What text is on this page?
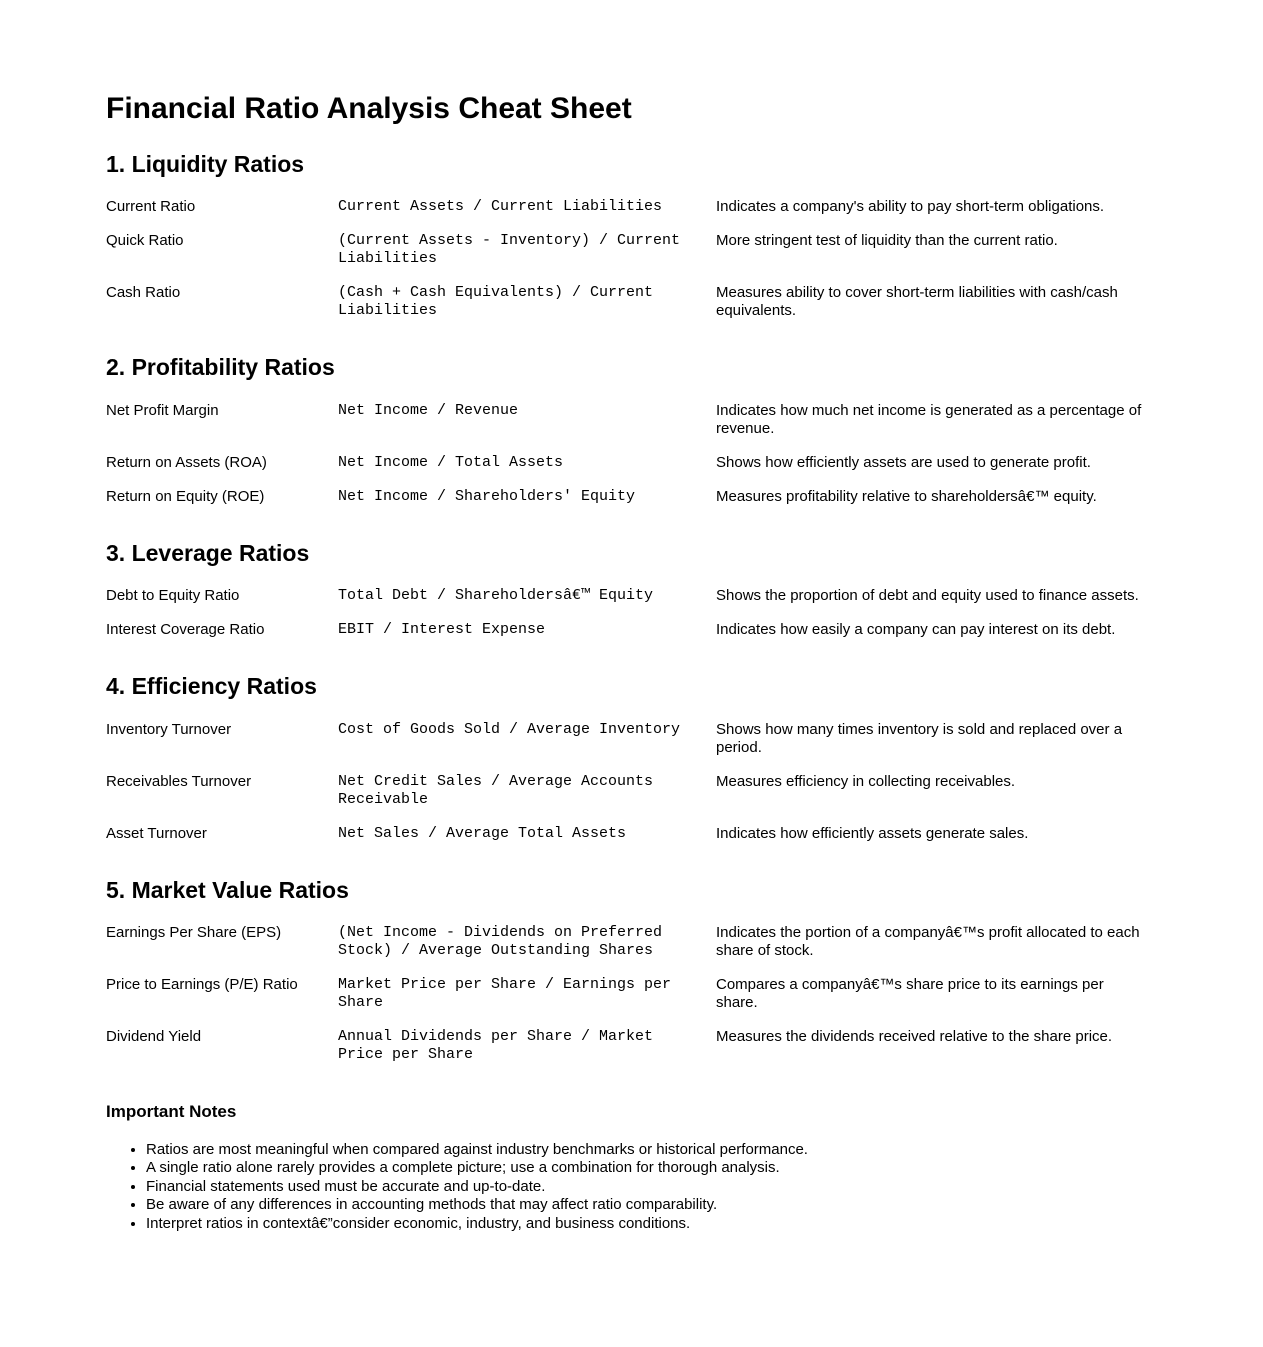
Financial Ratio Analysis Cheat Sheet
1. Liquidity Ratios
Current Ratio	Current Assets / Current Liabilities	Indicates a company's ability to pay short-term obligations.
Quick Ratio	(Current Assets - Inventory) / Current Liabilities	More stringent test of liquidity than the current ratio.
Cash Ratio	(Cash + Cash Equivalents) / Current Liabilities	Measures ability to cover short-term liabilities with cash/cash equivalents.
2. Profitability Ratios
Net Profit Margin	Net Income / Revenue	Indicates how much net income is generated as a percentage of revenue.
Return on Assets (ROA)	Net Income / Total Assets	Shows how efficiently assets are used to generate profit.
Return on Equity (ROE)	Net Income / Shareholders' Equity	Measures profitability relative to shareholdersâ€™ equity.
3. Leverage Ratios
Debt to Equity Ratio	Total Debt / Shareholdersâ€™ Equity	Shows the proportion of debt and equity used to finance assets.
Interest Coverage Ratio	EBIT / Interest Expense	Indicates how easily a company can pay interest on its debt.
4. Efficiency Ratios
Inventory Turnover	Cost of Goods Sold / Average Inventory	Shows how many times inventory is sold and replaced over a period.
Receivables Turnover	Net Credit Sales / Average Accounts Receivable	Measures efficiency in collecting receivables.
Asset Turnover	Net Sales / Average Total Assets	Indicates how efficiently assets generate sales.
5. Market Value Ratios
Earnings Per Share (EPS)	(Net Income - Dividends on Preferred Stock) / Average Outstanding Shares	Indicates the portion of a companyâ€™s profit allocated to each share of stock.
Price to Earnings (P/E) Ratio	Market Price per Share / Earnings per Share	Compares a companyâ€™s share price to its earnings per share.
Dividend Yield	Annual Dividends per Share / Market Price per Share	Measures the dividends received relative to the share price.
Important Notes
• Ratios are most meaningful when compared against industry benchmarks or historical performance.
• A single ratio alone rarely provides a complete picture; use a combination for thorough analysis.
• Financial statements used must be accurate and up-to-date.
• Be aware of any differences in accounting methods that may affect ratio comparability.
• Interpret ratios in contextâ€”consider economic, industry, and business conditions.
